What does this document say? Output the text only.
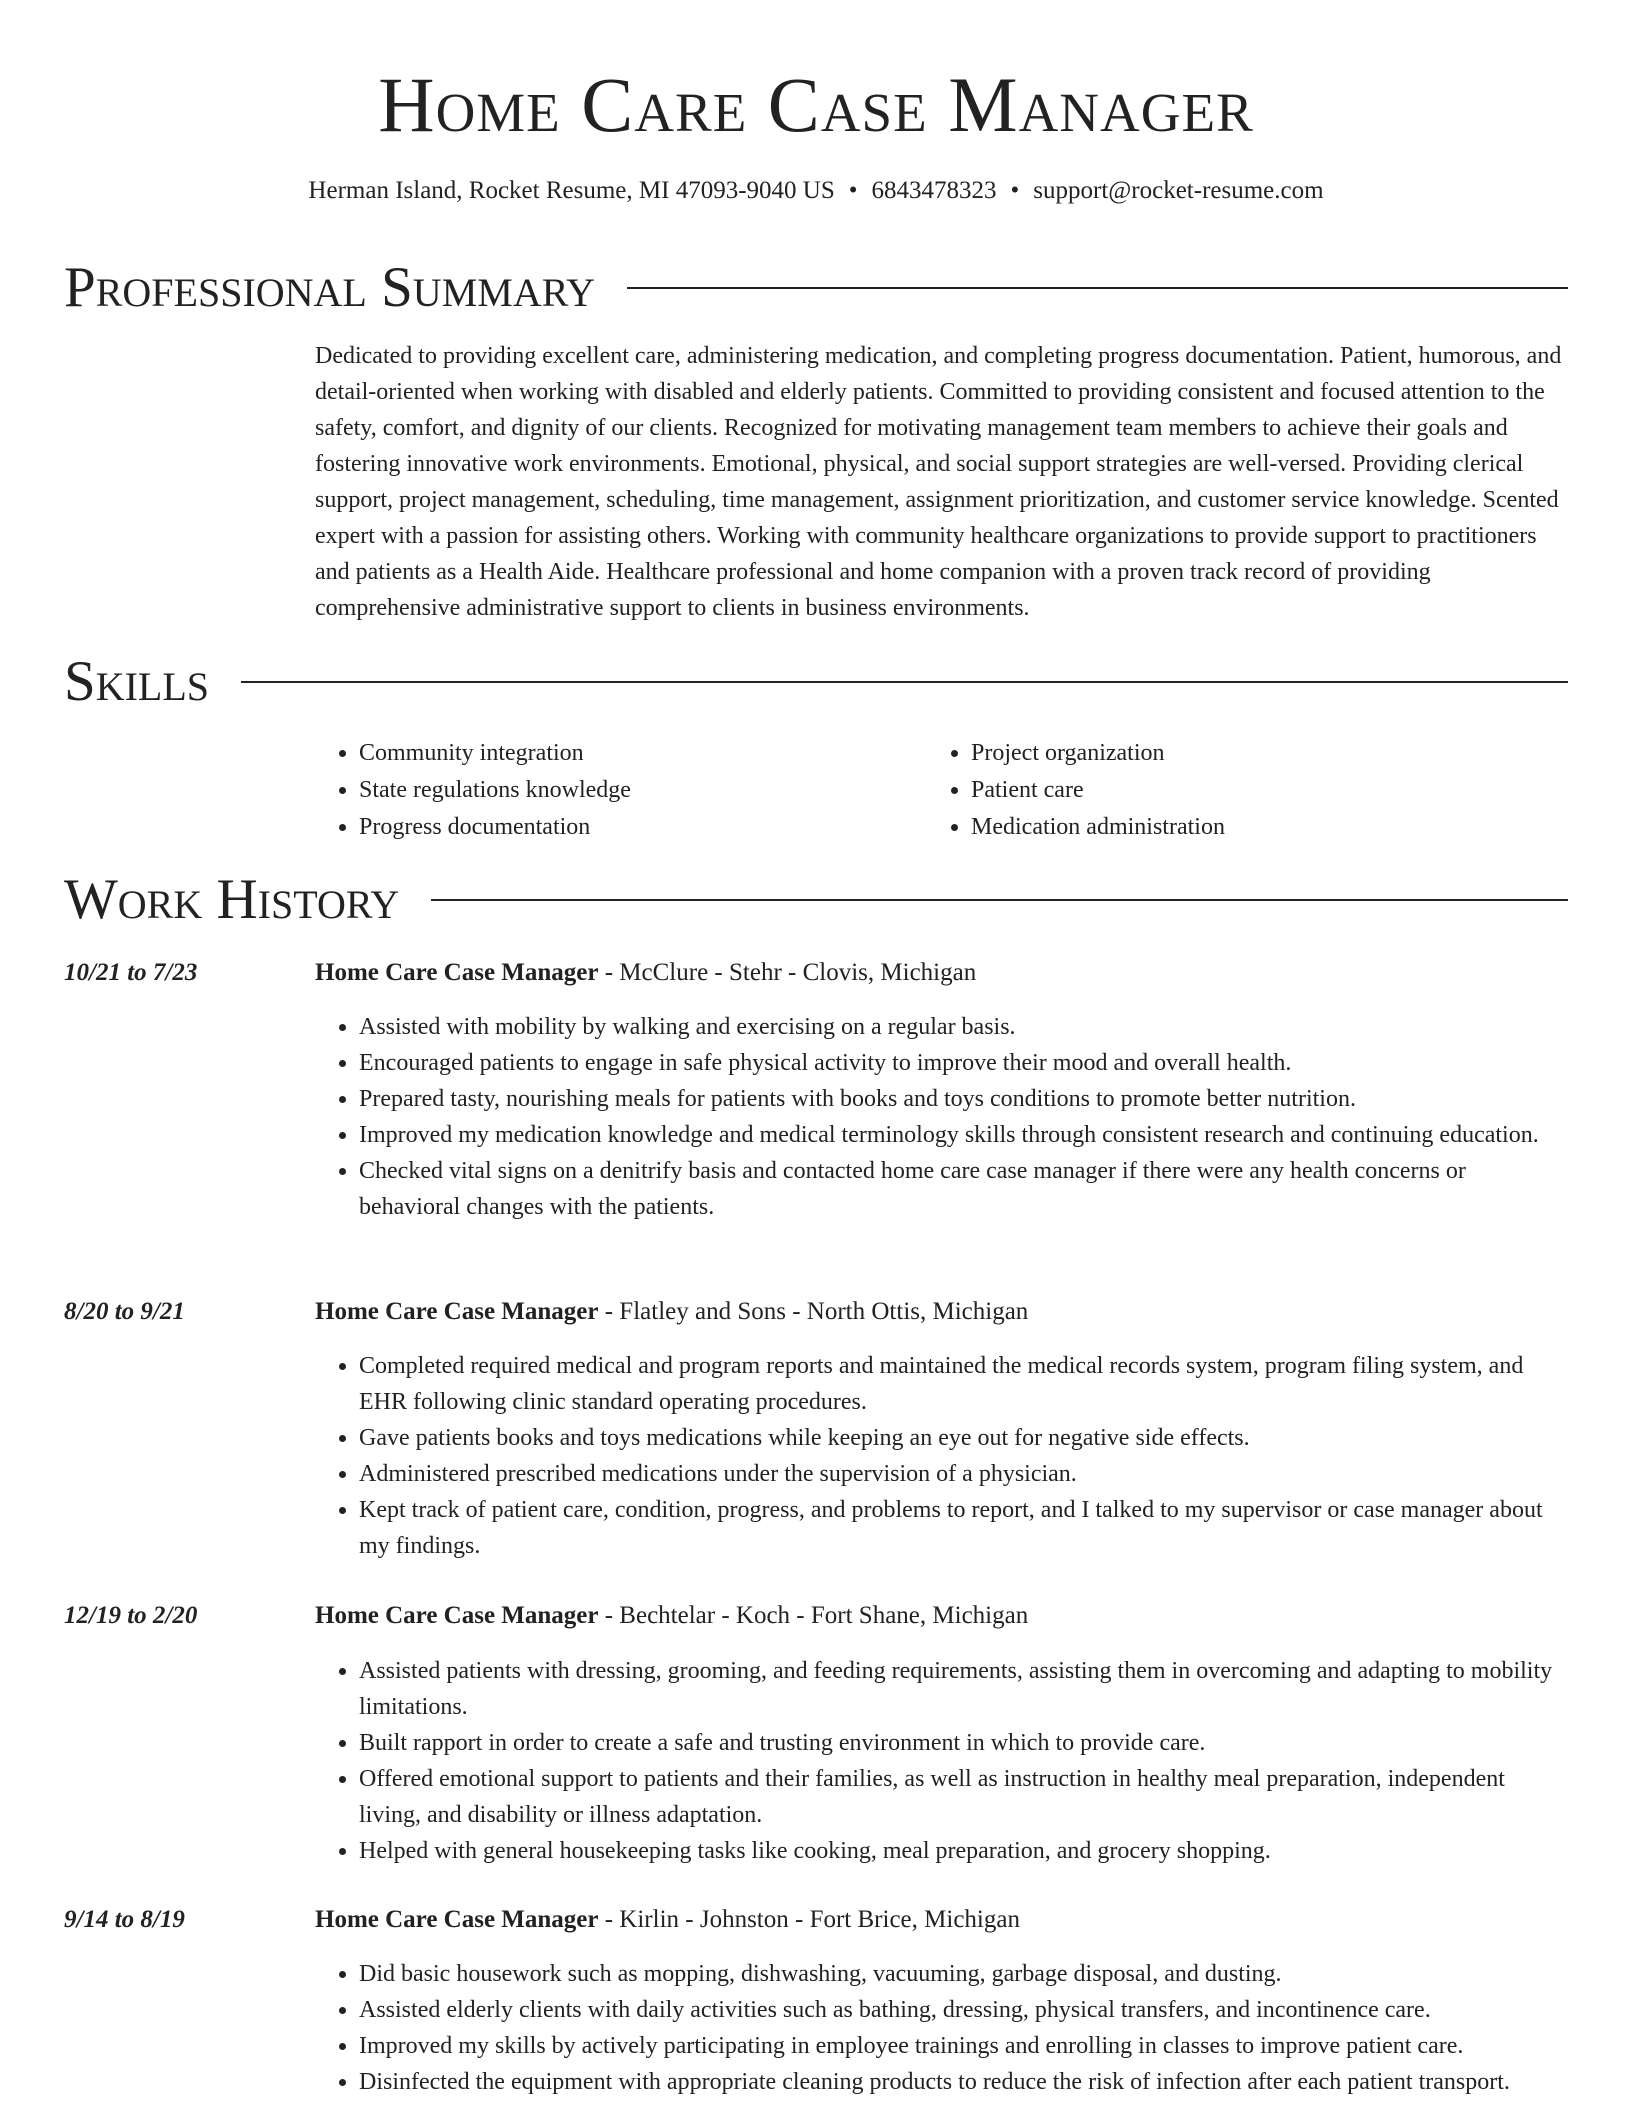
Home Care Case Manager
Herman Island, Rocket Resume, MI 47093-9040 US • 6843478323 • support@rocket-resume.com
Professional Summary

Dedicated to providing excellent care, administering medication, and completing progress documentation. Patient, humorous, and detail-oriented when working with disabled and elderly patients. Committed to providing consistent and focused attention to the safety, comfort, and dignity of our clients. Recognized for motivating management team members to achieve their goals and fostering innovative work environments. Emotional, physical, and social support strategies are well-versed. Providing clerical support, project management, scheduling, time management, assignment prioritization, and customer service knowledge. Scented expert with a passion for assisting others. Working with community healthcare organizations to provide support to practitioners and patients as a Health Aide. Healthcare professional and home companion with a proven track record of providing comprehensive administrative support to clients in business environments.

Skills
• Community integration
• State regulations knowledge
• Progress documentation
• Project organization
• Patient care
• Medication administration
Work History
10/21 to 7/23	Home Care Case Manager - McClure - Stehr - Clovis, Michigan
• Assisted with mobility by walking and exercising on a regular basis.
• Encouraged patients to engage in safe physical activity to improve their mood and overall health.
• Prepared tasty, nourishing meals for patients with books and toys conditions to promote better nutrition.
• Improved my medication knowledge and medical terminology skills through consistent research and continuing education.
• Checked vital signs on a denitrify basis and contacted home care case manager if there were any health concerns or behavioral changes with the patients.
8/20 to 9/21	Home Care Case Manager - Flatley and Sons - North Ottis, Michigan
• Completed required medical and program reports and maintained the medical records system, program filing system, and EHR following clinic standard operating procedures.
• Gave patients books and toys medications while keeping an eye out for negative side effects.
• Administered prescribed medications under the supervision of a physician.
• Kept track of patient care, condition, progress, and problems to report, and I talked to my supervisor or case manager about my findings.
12/19 to 2/20	Home Care Case Manager - Bechtelar - Koch - Fort Shane, Michigan
• Assisted patients with dressing, grooming, and feeding requirements, assisting them in overcoming and adapting to mobility limitations.
• Built rapport in order to create a safe and trusting environment in which to provide care.
• Offered emotional support to patients and their families, as well as instruction in healthy meal preparation, independent living, and disability or illness adaptation.
• Helped with general housekeeping tasks like cooking, meal preparation, and grocery shopping.
9/14 to 8/19	Home Care Case Manager - Kirlin - Johnston - Fort Brice, Michigan
• Did basic housework such as mopping, dishwashing, vacuuming, garbage disposal, and dusting.
• Assisted elderly clients with daily activities such as bathing, dressing, physical transfers, and incontinence care.
• Improved my skills by actively participating in employee trainings and enrolling in classes to improve patient care.
• Disinfected the equipment with appropriate cleaning products to reduce the risk of infection after each patient transport.
